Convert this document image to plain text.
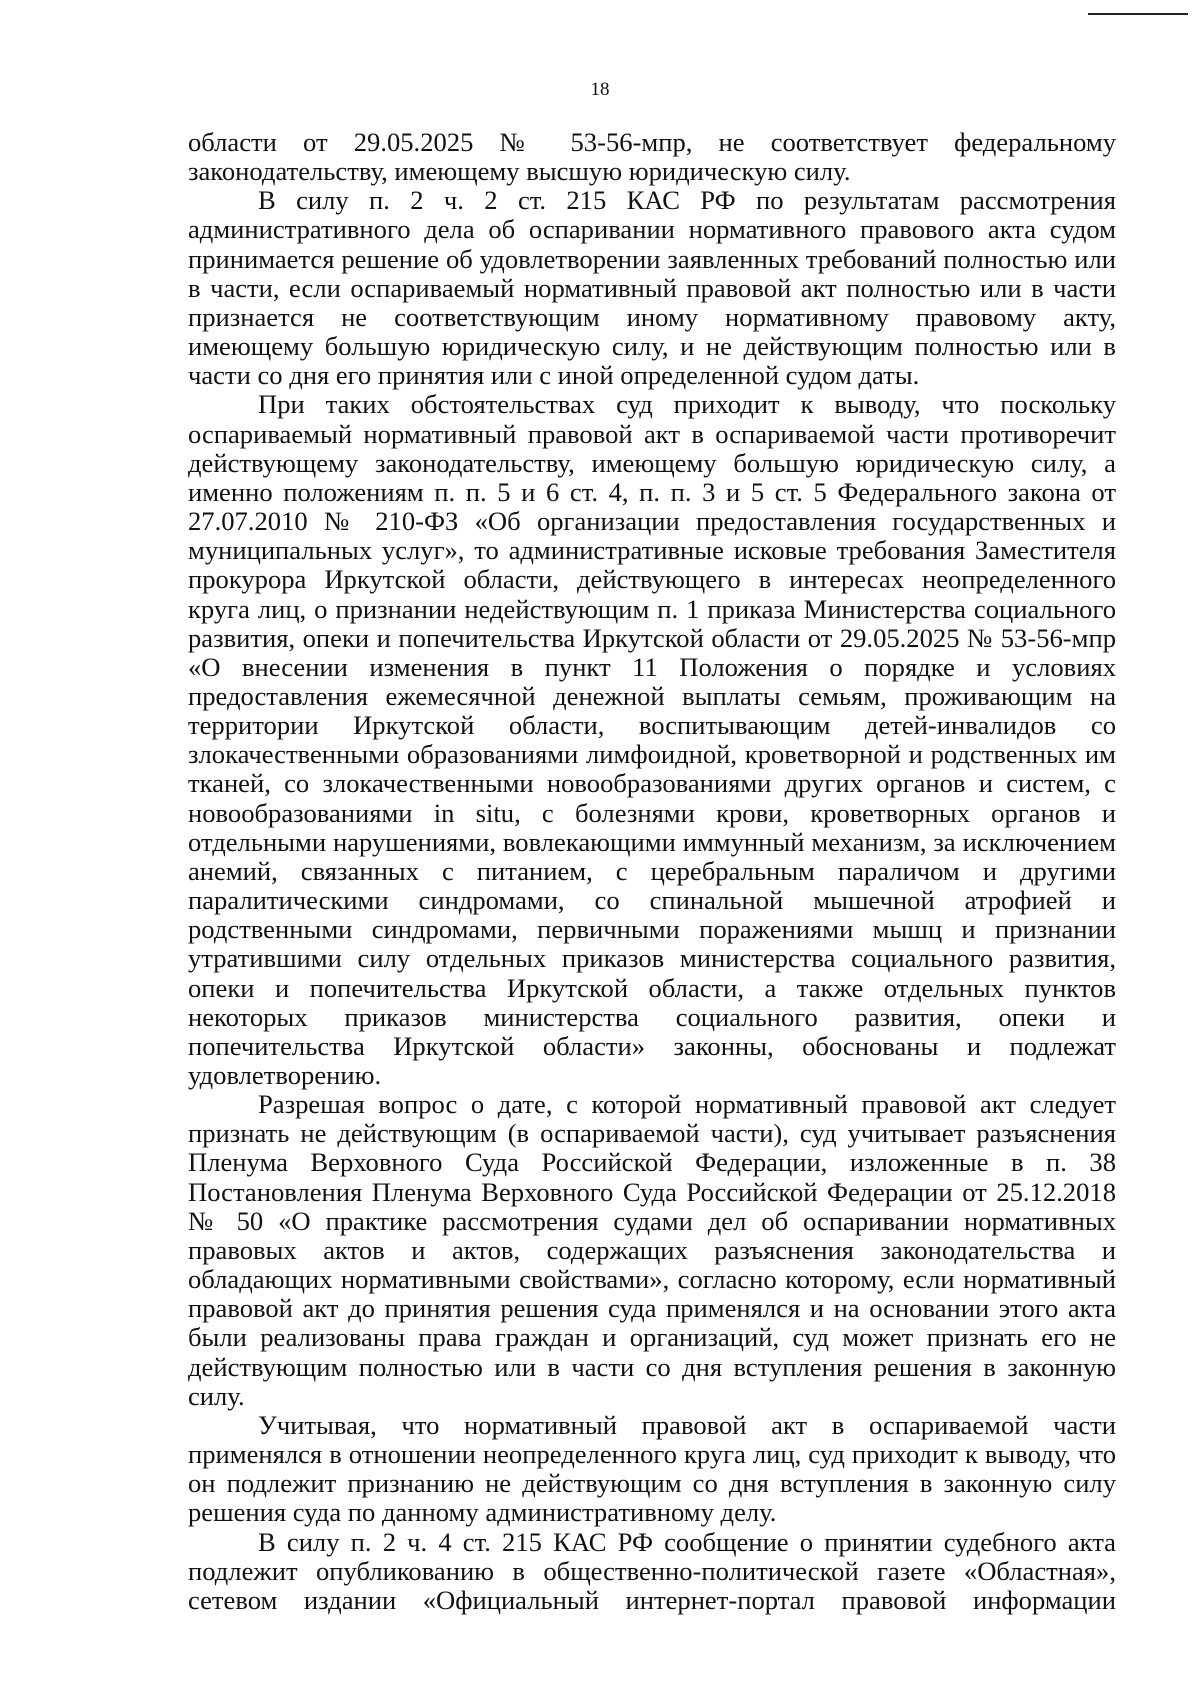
18

области от 29.05.2025 № 53-56-мпр, не соответствует федеральному законодательству, имеющему высшую юридическую силу.

В силу п. 2 ч. 2 ст. 215 КАС РФ по результатам рассмотрения административного дела об оспаривании нормативного правового акта судом принимается решение об удовлетворении заявленных требований полностью или в части, если оспариваемый нормативный правовой акт полностью или в части признается не соответствующим иному нормативному правовому акту, имеющему большую юридическую силу, и не действующим полностью или в части со дня его принятия или с иной определенной судом даты.

При таких обстоятельствах суд приходит к выводу, что поскольку оспариваемый нормативный правовой акт в оспариваемой части противоречит действующему законодательству, имеющему большую юридическую силу, а именно положениям п. п. 5 и 6 ст. 4, п. п. 3 и 5 ст. 5 Федерального закона от 27.07.2010 № 210-ФЗ «Об организации предоставления государственных и муниципальных услуг», то административные исковые требования Заместителя прокурора Иркутской области, действующего в интересах неопределенного круга лиц, о признании недействующим п. 1 приказа Министерства социального развития, опеки и попечительства Иркутской области от 29.05.2025 № 53-56-мпр «О внесении изменения в пункт 11 Положения о порядке и условиях предоставления ежемесячной денежной выплаты семьям, проживающим на территории Иркутской области, воспитывающим детей-инвалидов со злокачественными образованиями лимфоидной, кроветворной и родственных им тканей, со злокачественными новообразованиями других органов и систем, с новообразованиями in situ, с болезнями крови, кроветворных органов и отдельными нарушениями, вовлекающими иммунный механизм, за исключением анемий, связанных с питанием, с церебральным параличом и другими паралитическими синдромами, со спинальной мышечной атрофией и родственными синдромами, первичными поражениями мышц и признании утратившими силу отдельных приказов министерства социального развития, опеки и попечительства Иркутской области, а также отдельных пунктов некоторых приказов министерства социального развития, опеки и попечительства Иркутской области» законны, обоснованы и подлежат удовлетворению.

Разрешая вопрос о дате, с которой нормативный правовой акт следует признать не действующим (в оспариваемой части), суд учитывает разъяснения Пленума Верховного Суда Российской Федерации, изложенные в п. 38 Постановления Пленума Верховного Суда Российской Федерации от 25.12.2018 № 50 «О практике рассмотрения судами дел об оспаривании нормативных правовых актов и актов, содержащих разъяснения законодательства и обладающих нормативными свойствами», согласно которому, если нормативный правовой акт до принятия решения суда применялся и на основании этого акта были реализованы права граждан и организаций, суд может признать его не действующим полностью или в части со дня вступления решения в законную силу.

Учитывая, что нормативный правовой акт в оспариваемой части применялся в отношении неопределенного круга лиц, суд приходит к выводу, что он подлежит признанию не действующим со дня вступления в законную силу решения суда по данному административному делу.

В силу п. 2 ч. 4 ст. 215 КАС РФ сообщение о принятии судебного акта подлежит опубликованию в общественно-политической газете «Областная», сетевом издании «Официальный интернет-портал правовой информации
